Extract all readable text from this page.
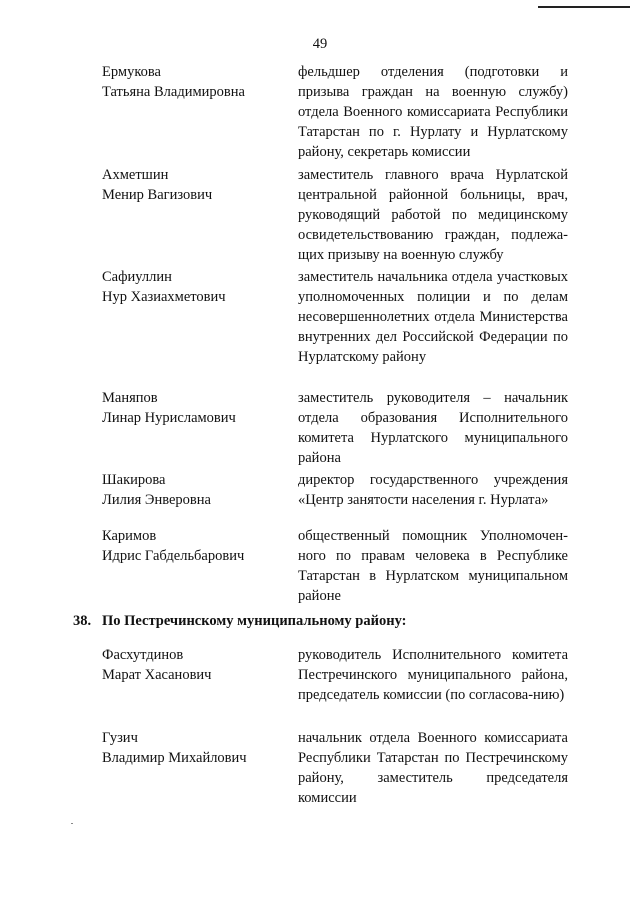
49
Ермукова
Татьяна Владимировна
фельдшер отделения (подготовки и призыва граждан на военную службу) отдела Военного комиссариата Республики Татарстан по г. Нурлату и Нурлатскому району, секретарь комиссии
Ахметшин
Менир Вагизович
заместитель главного врача Нурлатской центральной районной больницы, врач, руководящий работой по медицинскому освидетельствованию граждан, подлежа-щих призыву на военную службу
Сафиуллин
Нур Хазиахметович
заместитель начальника отдела участковых уполномоченных полиции и по делам несовершеннолетних отдела Министерства внутренних дел Российской Федерации по Нурлатскому району
Маняпов
Линар Нурисламович
заместитель руководителя – начальник отдела образования Исполнительного комитета Нурлатского муниципального района
Шакирова
Лилия Энверовна
директор государственного учреждения «Центр занятости населения г. Нурлата»
Каримов
Идрис Габдельбарович
общественный помощник Уполномочен-ного по правам человека в Республике Татарстан в Нурлатском муниципальном районе
38. По Пестречинскому муниципальному району:
Фасхутдинов
Марат Хасанович
руководитель Исполнительного комитета Пестречинского муниципального района, председатель комиссии (по согласова-нию)
Гузич
Владимир Михайлович
начальник отдела Военного комиссариата Республики Татарстан по Пестречинскому району, заместитель председателя комиссии
